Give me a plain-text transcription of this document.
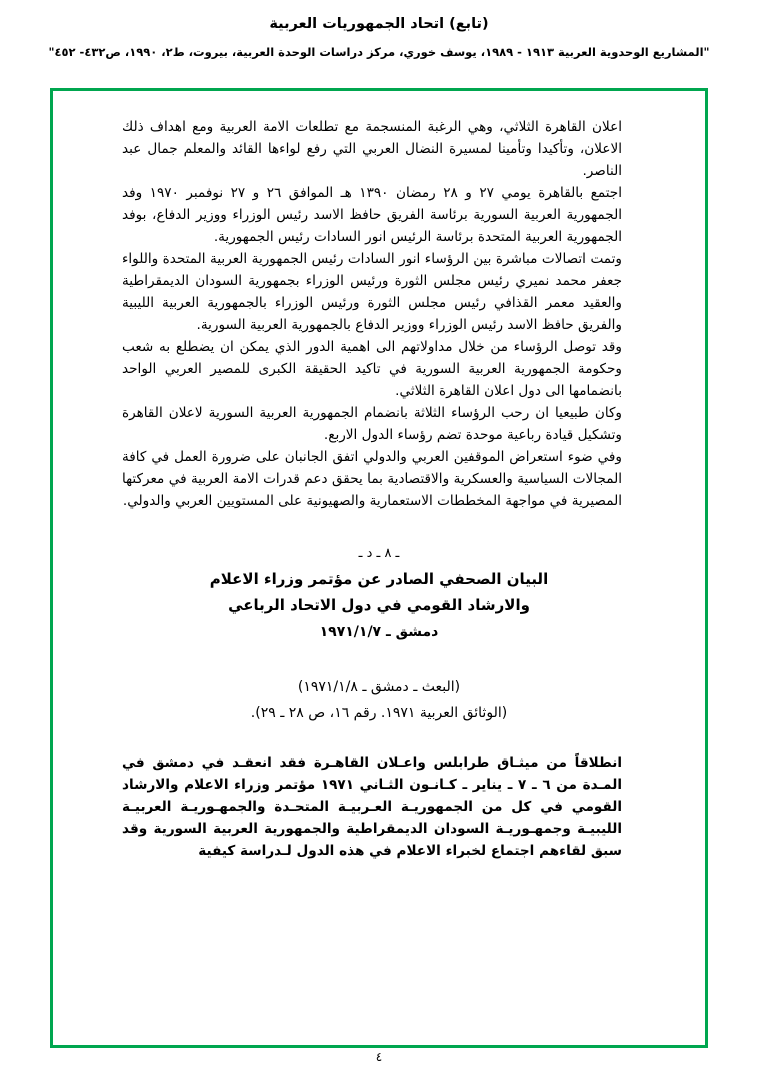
(تابع) اتحاد الجمهوريات العربية
"المشاريع الوحدوية العربية ١٩١٣ - ١٩٨٩، يوسف خوري، مركز دراسات الوحدة العربية، بيروت، ط٢، ١٩٩٠، ص٤٣٢- ٤٥٢"

اعلان القاهرة الثلاثي، وهي الرغبة المنسجمة مع تطلعات الامة العربية ومع اهداف ذلك الاعلان، وتأكيدا وتأمينا لمسيرة النضال العربي التي رفع لواءها القائد والمعلم جمال عبد الناصر.

اجتمع بالقاهرة يومي ٢٧ و ٢٨ رمضان ١٣٩٠ هـ الموافق ٢٦ و ٢٧ نوفمبر ١٩٧٠ وفد الجمهورية العربية السورية برئاسة الفريق حافظ الاسد رئيس الوزراء ووزير الدفاع، بوفد الجمهورية العربية المتحدة برئاسة الرئيس انور السادات رئيس الجمهورية.

وتمت اتصالات مباشرة بين الرؤساء انور السادات رئيس الجمهورية العربية المتحدة واللواء جعفر محمد نميري رئيس مجلس الثورة ورئيس الوزراء بجمهورية السودان الديمقراطية والعقيد معمر القذافي رئيس مجلس الثورة ورئيس الوزراء بالجمهورية العربية الليبية والفريق حافظ الاسد رئيس الوزراء ووزير الدفاع بالجمهورية العربية السورية.

وقد توصل الرؤساء من خلال مداولاتهم الى اهمية الدور الذي يمكن ان يضطلع به شعب وحكومة الجمهورية العربية السورية في تاكيد الحقيقة الكبرى للمصير العربي الواحد بانضمامها الى دول اعلان القاهرة الثلاثي.

وكان طبيعيا ان رحب الرؤساء الثلاثة بانضمام الجمهورية العربية السورية لاعلان القاهرة وتشكيل قيادة رباعية موحدة تضم رؤساء الدول الاربع.

وفي ضوء استعراض الموقفين العربي والدولي اتفق الجانبان على ضرورة العمل في كافة المجالات السياسية والعسكرية والاقتصادية بما يحقق دعم قدرات الامة العربية في معركتها المصيرية في مواجهة المخططات الاستعمارية والصهيونية على المستويين العربي والدولي.

ـ ٨ ـ د ـ
البيان الصحفي الصادر عن مؤتمر وزراء الاعلام
والارشاد القومي في دول الاتحاد الرباعي
دمشق ـ ١٩٧١/١/٧
(البعث ـ دمشق ـ ١٩٧١/١/٨)
(الوثائق العربية ١٩٧١. رقم ١٦، ص ٢٨ ـ ٢٩).

انطلاقاً من ميثـاق طرابلس واعـلان القاهـرة فقد انعقـد في دمشق في المـدة من ٦ ـ ٧ ـ يناير ـ كـانـون الثـاني ١٩٧١ مؤتمر وزراء الاعلام والارشاد القومي في كل من الجمهوريـة العـربيـة المتحـدة والجمهـوريـة العربيـة الليبيـة وجمهـوريـة السودان الديمقراطية والجمهورية العربية السورية وقد سبق لقاءهم اجتماع لخبراء الاعلام في هذه الدول لـدراسة كيفية

٤
